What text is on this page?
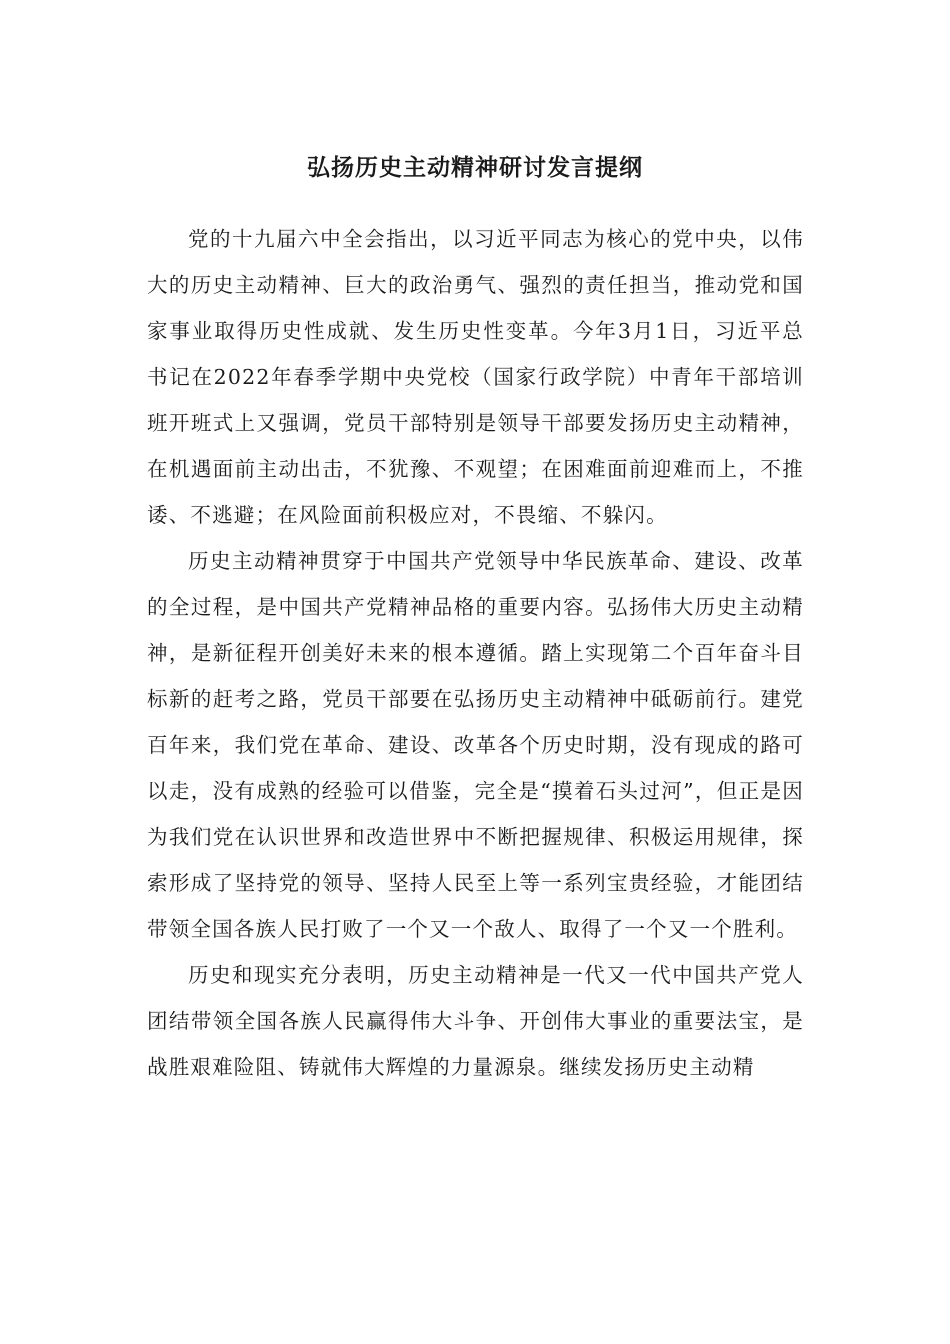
弘扬历史主动精神研讨发言提纲

党的十九届六中全会指出，以习近平同志为核心的党中央，以伟大的历史主动精神、巨大的政治勇气、强烈的责任担当，推动党和国家事业取得历史性成就、发生历史性变革。今年3月1日，习近平总书记在2022年春季学期中央党校（国家行政学院）中青年干部培训班开班式上又强调，党员干部特别是领导干部要发扬历史主动精神，在机遇面前主动出击，不犹豫、不观望；在困难面前迎难而上，不推诿、不逃避；在风险面前积极应对，不畏缩、不躲闪。

历史主动精神贯穿于中国共产党领导中华民族革命、建设、改革的全过程，是中国共产党精神品格的重要内容。弘扬伟大历史主动精神，是新征程开创美好未来的根本遵循。踏上实现第二个百年奋斗目标新的赶考之路，党员干部要在弘扬历史主动精神中砥砺前行。建党百年来，我们党在革命、建设、改革各个历史时期，没有现成的路可以走，没有成熟的经验可以借鉴，完全是“摸着石头过河”，但正是因为我们党在认识世界和改造世界中不断把握规律、积极运用规律，探索形成了坚持党的领导、坚持人民至上等一系列宝贵经验，才能团结带领全国各族人民打败了一个又一个敌人、取得了一个又一个胜利。

历史和现实充分表明，历史主动精神是一代又一代中国共产党人团结带领全国各族人民赢得伟大斗争、开创伟大事业的重要法宝，是战胜艰难险阻、铸就伟大辉煌的力量源泉。继续发扬历史主动精
